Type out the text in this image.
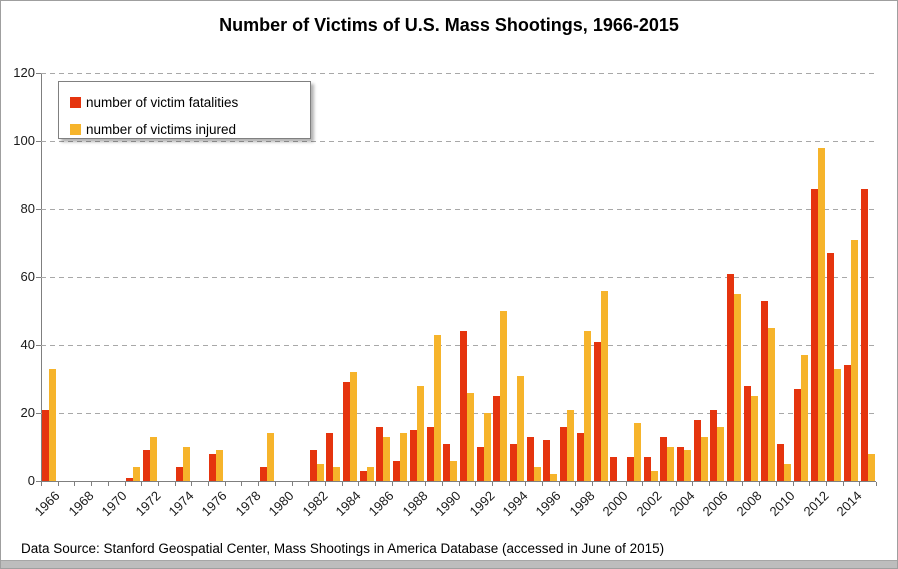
Number of Victims of U.S. Mass Shootings, 1966-2015
number of victim fatalities
number of victims injured
Data Source: Stanford Geospatial Center, Mass Shootings in America Database (accessed in June of 2015)
0
20
40
60
80
100
120
1966 1968 1970 1972 1974 1976 1978 1980 1982 1984 1986 1988 1990 1992 1994 1996 1998 2000 2002 2004 2006 2008 2010 2012 2014
